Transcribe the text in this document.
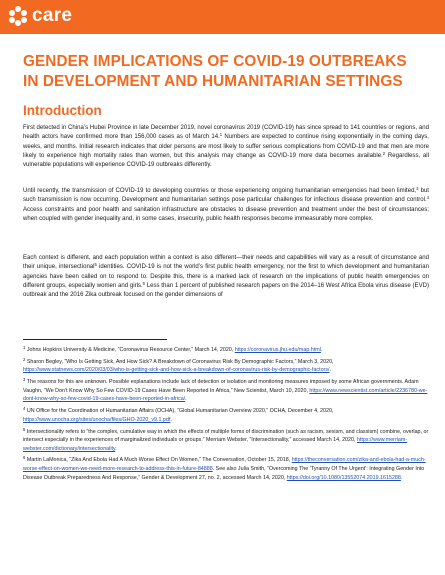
care
GENDER IMPLICATIONS OF COVID-19 OUTBREAKS IN DEVELOPMENT AND HUMANITARIAN SETTINGS
Introduction

First detected in China’s Hubei Province in late December 2019, novel coronavirus 2019 (COVID-19) has since spread to 141 countries or regions, and health actors have confirmed more than 156,000 cases as of March 14.$^1$ Numbers are expected to continue rising exponentially in the coming days, weeks, and months. Initial research indicates that older persons are most likely to suffer serious complications from COVID-19 and that men are more likely to experience high mortality rates than women, but this analysis may change as COVID-19 more data becomes available.$^2$ Regardless, all vulnerable populations will experience COVID-19 outbreaks differently.

Until recently, the transmission of COVID-19 to developing countries or those experiencing ongoing humanitarian emergencies had been limited,$^3$ but such transmission is now occurring. Development and humanitarian settings pose particular challenges for infectious disease prevention and control.$^4$ Access constraints and poor health and sanitation infrastructure are obstacles to disease prevention and treatment under the best of circumstances; when coupled with gender inequality and, in some cases, insecurity, public health responses become immeasurably more complex.

Each context is different, and each population within a context is also different—their needs and capabilities will vary as a result of circumstance and their unique, intersectional$^5$ identities. COVID-19 is not the world’s first public health emergency, nor the first to which development and humanitarian agencies have been called on to respond to. Despite this, there is a marked lack of research on the implications of public health emergencies on different groups, especially women and girls.$^6$ Less than 1 percent of published research papers on the 2014–16 West Africa Ebola virus disease (EVD) outbreak and the 2016 Zika outbreak focused on the gender dimensions of

$^1$ Johns Hopkins University & Medicine, “Coronavirus Resource Center,” March 14, 2020, https://coronavirus.jhu.edu/map.html.

$^2$ Sharon Begley, “Who Is Getting Sick, And How Sick? A Breakdown of Coronavirus Risk By Demographic Factors,” March 3, 2020, https://www.statnews.com/2020/03/03/who-is-getting-sick-and-how-sick-a-breakdown-of-coronavirus-risk-by-demographic-factors/.

$^3$ The reasons for this are unknown. Possible explanations include lack of detection or isolation and monitoring measures imposed by some African governments. Adam Vaughn, “We Don’t Know Why So Few COVID-19 Cases Have Been Reported In Africa,” New Scientist, March 10, 2020, https://www.newscientist.com/article/2236780-we-dont-know-why-so-few-covid-19-cases-have-been-reported-in-africa/.

$^4$ UN Office for the Coordination of Humanitarian Affairs (OCHA), “Global Humanitarian Overview 2020,” OCHA, December 4, 2020, https://www.unocha.org/sites/unocha/files/GHO-2020_v9.1.pdf.

$^5$ Intersectionality refers to “the complex, cumulative way in which the effects of multiple forms of discrimination (such as racism, sexism, and classism) combine, overlap, or intersect especially in the experiences of marginalized individuals or groups.” Merriam Webster, “Intersectionality,” accessed March 14, 2020, https://www.merriam-webster.com/dictionary/intersectionality.

$^6$ Martin LaMonica, “Zika And Ebola Had A Much Worse Effect On Women,” The Conversation, October 15, 2018, https://theconversation.com/zika-and-ebola-had-a-much-worse-effect-on-women-we-need-more-research-to-address-this-in-future-84888. See also Julia Smith, “Overcoming The ‘Tyranny Of The Urgent’: Integrating Gender Into Disease Outbreak Preparedness And Response,” Gender & Development 27, no. 2, accessed March 14, 2020, https://doi.org/10.1080/13552074.2019.1615288.
